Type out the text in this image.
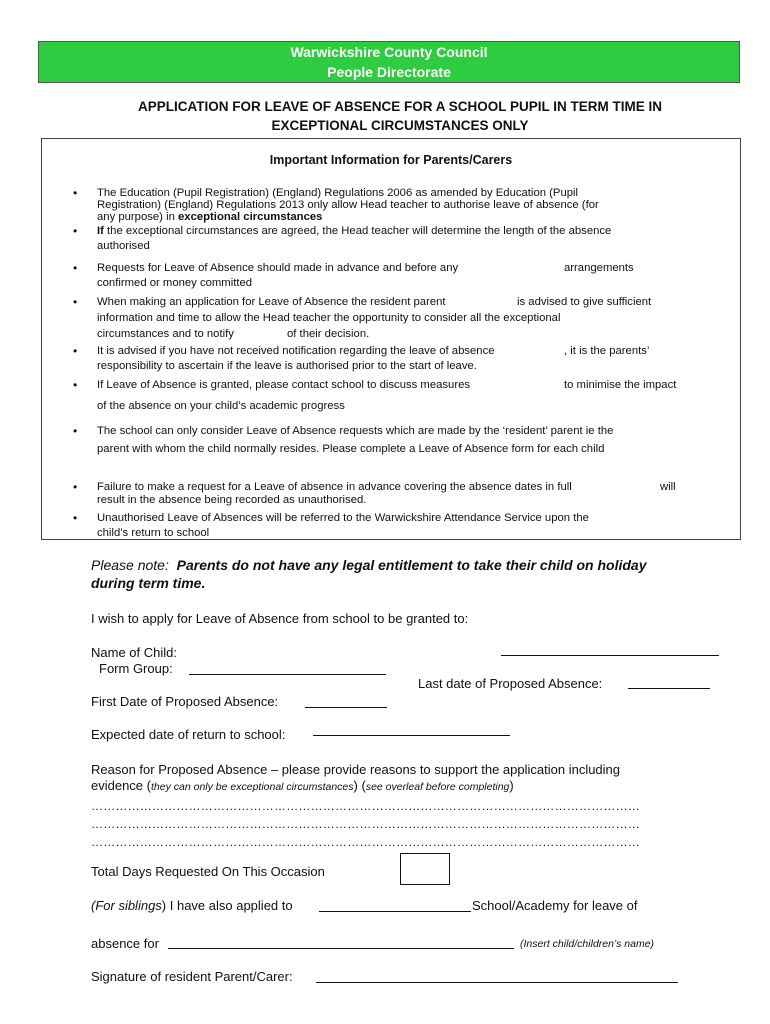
Warwickshire County Council
People Directorate
APPLICATION FOR LEAVE OF ABSENCE FOR A SCHOOL PUPIL IN TERM TIME IN
EXCEPTIONAL CIRCUMSTANCES ONLY
Important Information for Parents/Carers
• The Education (Pupil Registration) (England) Regulations 2006 as amended by Education (Pupil
Registration) (England) Regulations 2013 only allow Head teacher to authorise leave of absence (for
any purpose) in exceptional circumstances
• If the exceptional circumstances are agreed, the Head teacher will determine the length of the absence
authorised
• Requests for Leave of Absence should made in advance and before any	arrangements
confirmed or money committed
• When making an application for Leave of Absence the resident parent	is advised to give sufficient
information and time to allow the Head teacher the opportunity to consider all the exceptional
circumstances and to notify	of their decision.
• It is advised if you have not received notification regarding the leave of absence	, it is the parents’
responsibility to ascertain if the leave is authorised prior to the start of leave.
• If Leave of Absence is granted, please contact school to discuss measures	to minimise the impact
of the absence on your child’s academic progress
• The school can only consider Leave of Absence requests which are made by the ‘resident’ parent ie the
parent with whom the child normally resides. Please complete a Leave of Absence form for each child
• Failure to make a request for a Leave of absence in advance covering the absence dates in full	will
result in the absence being recorded as unauthorised.
• Unauthorised Leave of Absences will be referred to the Warwickshire Attendance Service upon the
child’s return to school
Please note: Parents do not have any legal entitlement to take their child on holiday
during term time.
I wish to apply for Leave of Absence from school to be granted to:
Name of Child:
Form Group:
Last date of Proposed Absence:
First Date of Proposed Absence:
Expected date of return to school:
Reason for Proposed Absence – please provide reasons to support the application including
evidence (they can only be exceptional circumstances) (see overleaf before completing)
………………………………………………………………………………………………………………………
………………………………………………………………………………………………………………………
………………………………………………………………………………………………………………………
Total Days Requested On This Occasion
(For siblings) I have also applied to	School/Academy for leave of
absence for	(Insert child/children’s name)
Signature of resident Parent/Carer:
